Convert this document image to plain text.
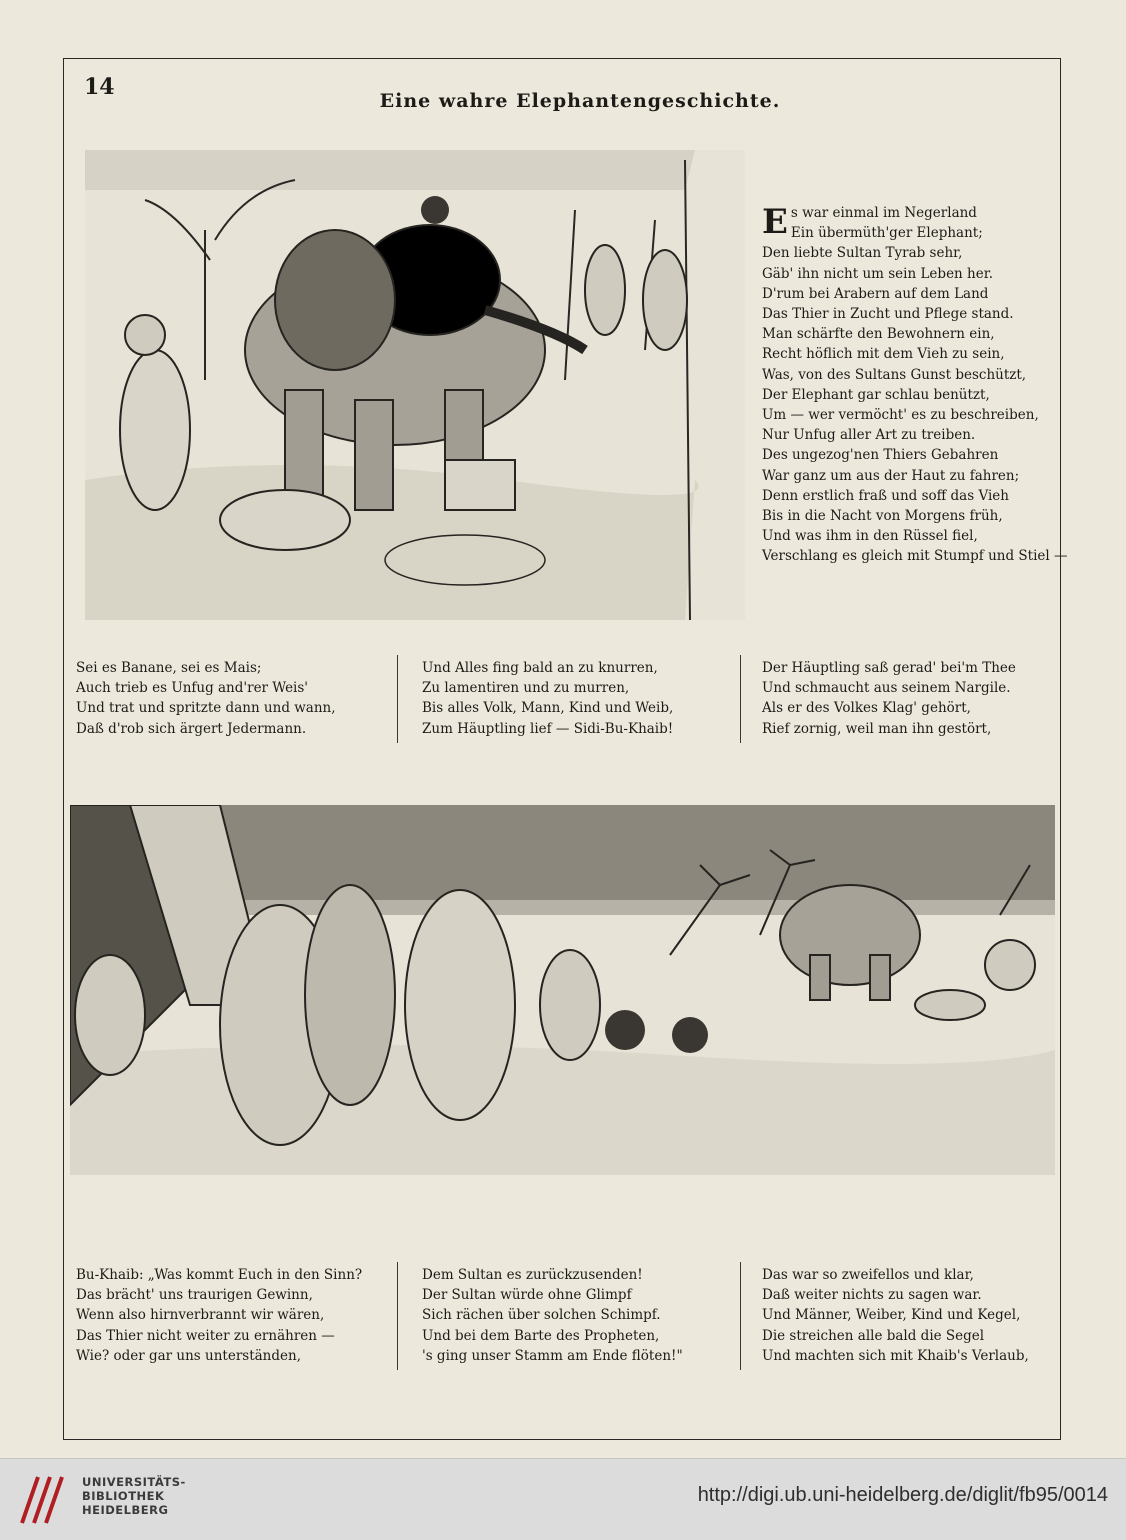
14
Eine wahre Elephantengeschichte.
E s war einmal im Negerland
Ein übermüth'ger Elephant;
Den liebte Sultan Tyrab sehr,
Gäb' ihn nicht um sein Leben her.
D'rum bei Arabern auf dem Land
Das Thier in Zucht und Pflege stand.
Man schärfte den Bewohnern ein,
Recht höflich mit dem Vieh zu sein,
Was, von des Sultans Gunst beschützt,
Der Elephant gar schlau benützt,
Um — wer vermöcht' es zu beschreiben,
Nur Unfug aller Art zu treiben.
Des ungezog'nen Thiers Gebahren
War ganz um aus der Haut zu fahren;
Denn erstlich fraß und soff das Vieh
Bis in die Nacht von Morgens früh,
Und was ihm in den Rüssel fiel,
Verschlang es gleich mit Stumpf und Stiel —
Sei es Banane, sei es Mais;
Auch trieb es Unfug and'rer Weis'
Und trat und spritzte dann und wann,
Daß d'rob sich ärgert Jedermann.
Und Alles fing bald an zu knurren,
Zu lamentiren und zu murren,
Bis alles Volk, Mann, Kind und Weib,
Zum Häuptling lief — Sidi-Bu-Khaib!
Der Häuptling saß gerad' bei'm Thee
Und schmaucht aus seinem Nargile.
Als er des Volkes Klag' gehört,
Rief zornig, weil man ihn gestört,
Bu-Khaib: „Was kommt Euch in den Sinn?
Das brächt' uns traurigen Gewinn,
Wenn also hirnverbrannt wir wären,
Das Thier nicht weiter zu ernähren —
Wie? oder gar uns unterständen,
Dem Sultan es zurückzusenden!
Der Sultan würde ohne Glimpf
Sich rächen über solchen Schimpf.
Und bei dem Barte des Propheten,
's ging unser Stamm am Ende flöten!"
Das war so zweifellos und klar,
Daß weiter nichts zu sagen war.
Und Männer, Weiber, Kind und Kegel,
Die streichen alle bald die Segel
Und machten sich mit Khaib's Verlaub,
UNIVERSITÄTS-
BIBLIOTHEK
HEIDELBERG
http://digi.ub.uni-heidelberg.de/diglit/fb95/0014
